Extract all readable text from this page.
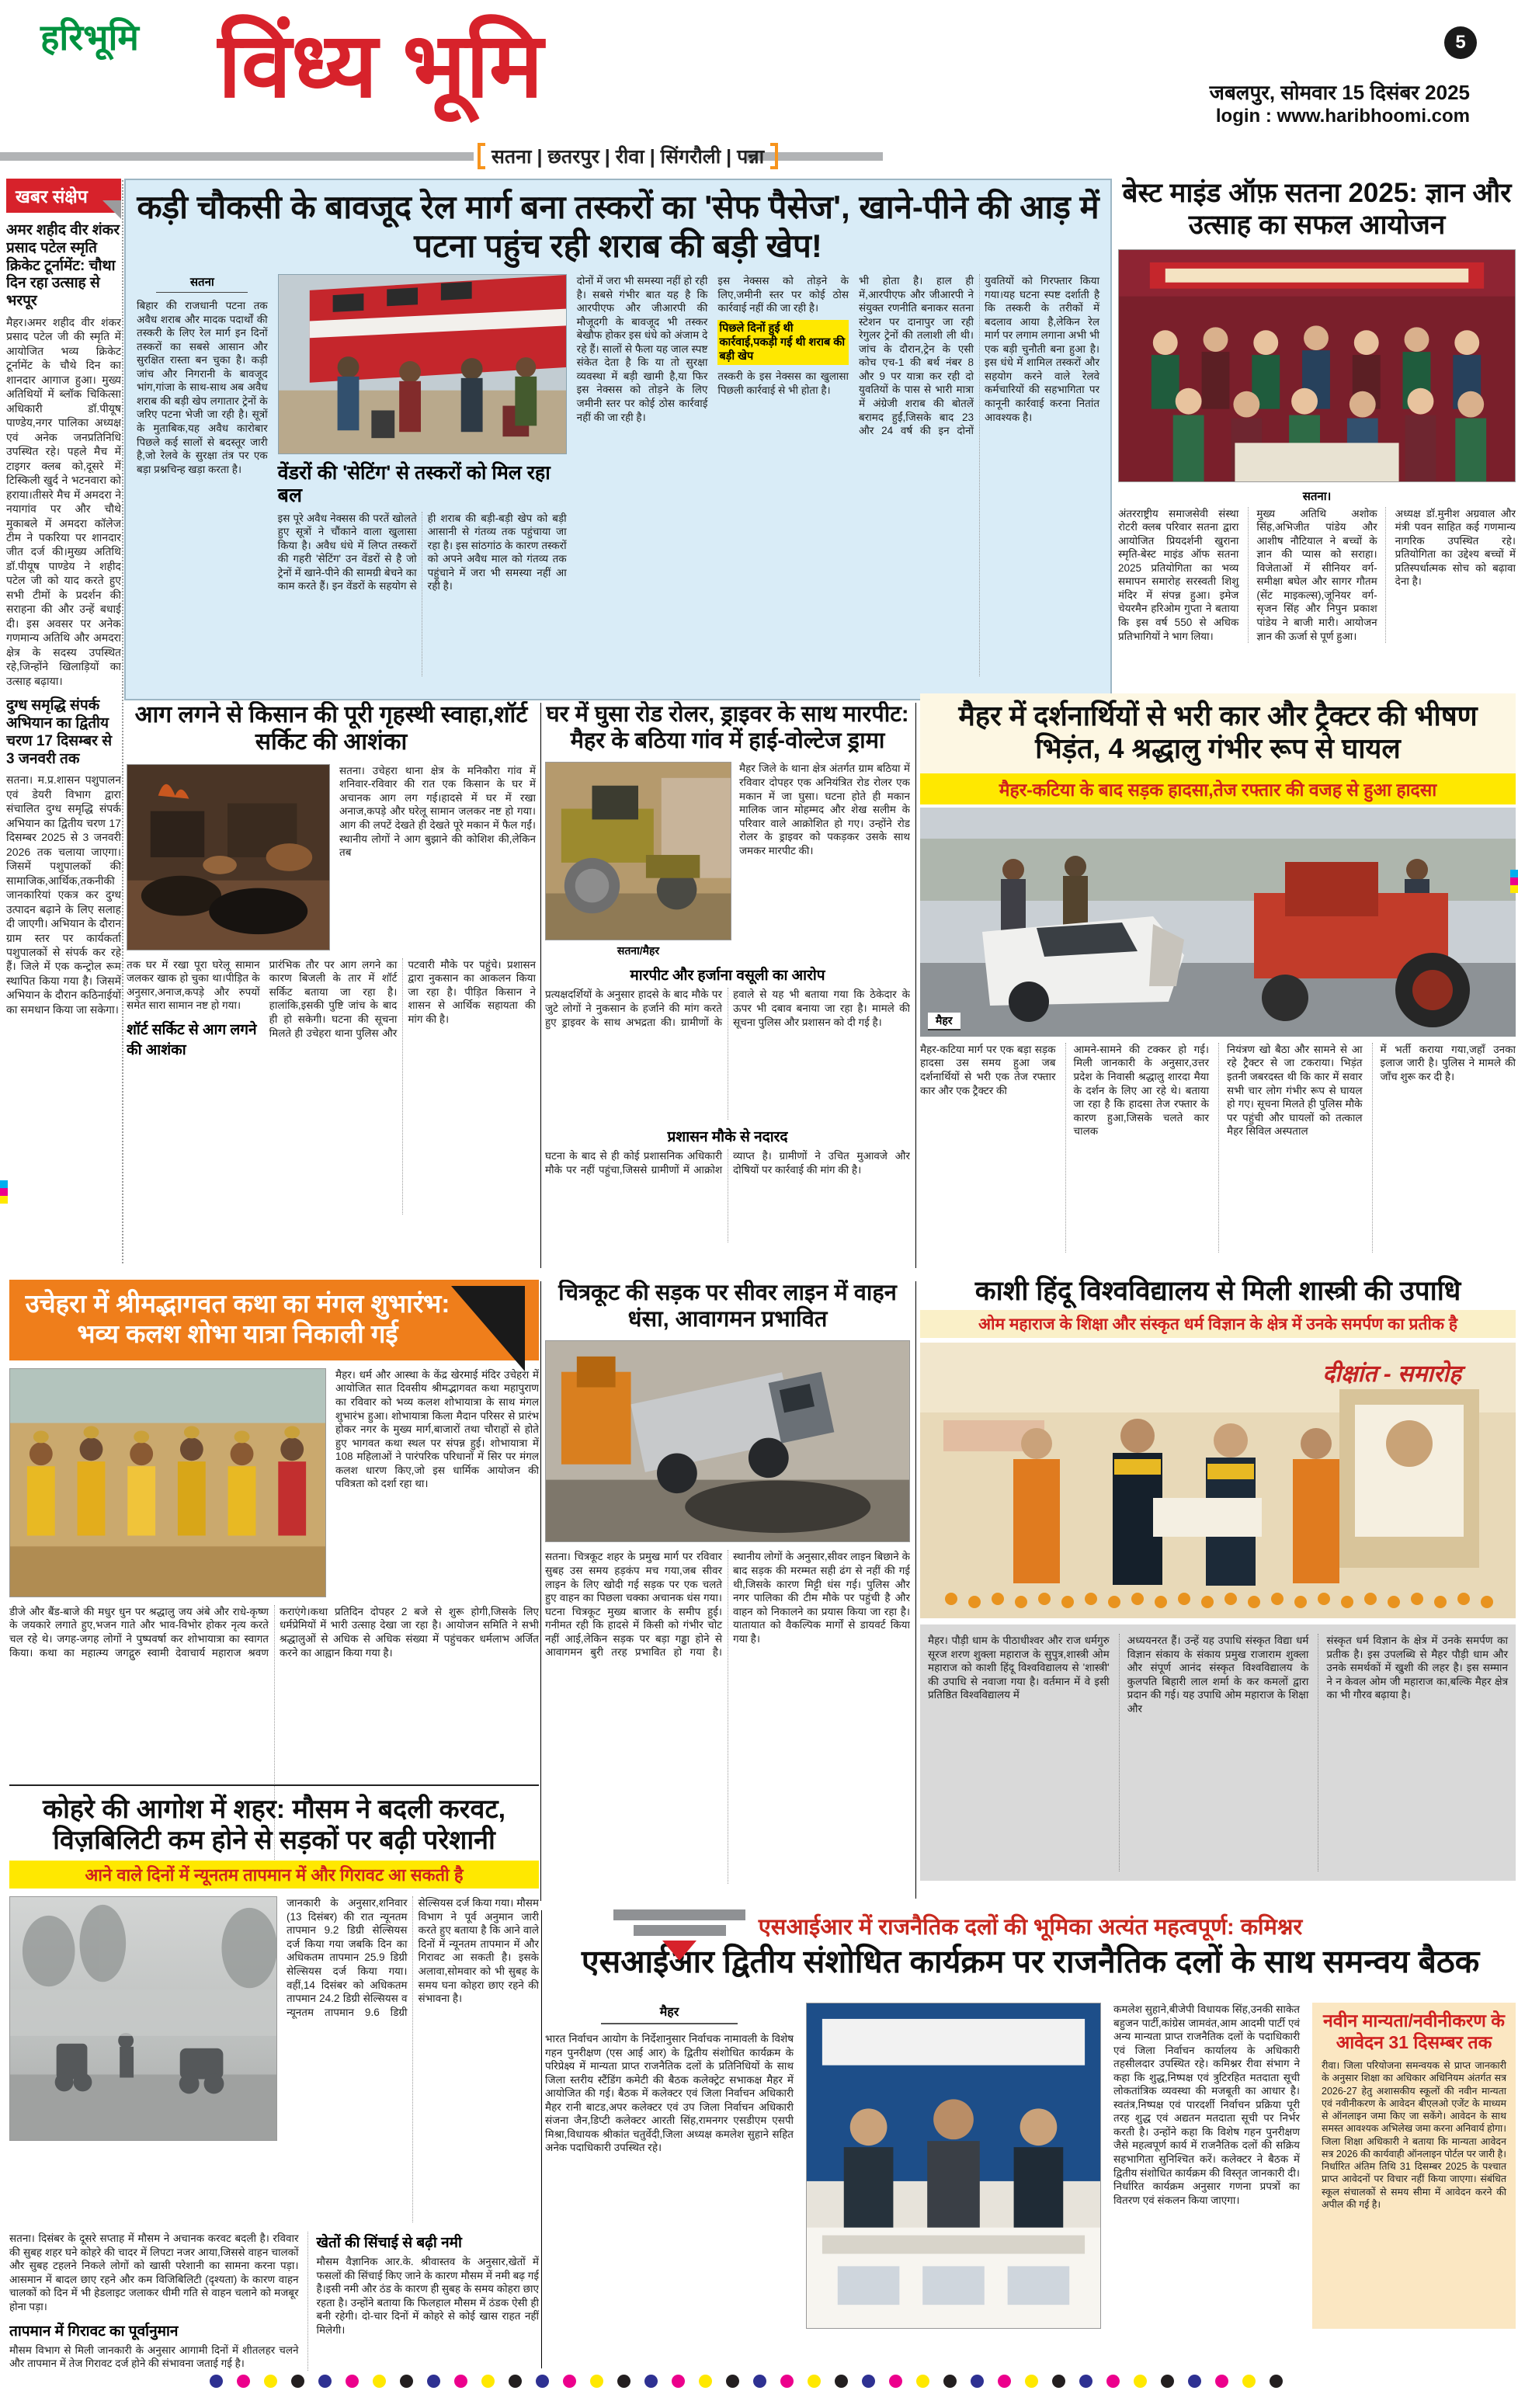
हरिभूमि विंध्य भूमि	5
जबलपुर, सोमवार 15 दिसंबर 2025
login : www.haribhoomi.com
सतना | छतरपुर | रीवा | सिंगरौली | पन्ना
खबर संक्षेप
अमर शहीद वीर शंकर प्रसाद पटेल स्मृति क्रिकेट टूर्नामेंट: चौथा दिन रहा उत्साह से भरपूर
मैहर।अमर शहीद वीर शंकर प्रसाद पटेल जी की स्मृति में आयोजित भव्य क्रिकेट टूर्नामेंट के चौथे दिन का शानदार आगाज हुआ। मुख्य अतिथियों में ब्लॉक चिकित्सा अधिकारी डॉ.पीयूष पाण्डेय,नगर पालिका अध्यक्ष एवं अनेक जनप्रतिनिधि उपस्थित रहे। पहले मैच में टाइगर क्लब को,दूसरे में टिस्किली खुर्द ने भटनवारा को हराया।तीसरे मैच में अमदरा ने नयागांव पर और चौथे मुकाबले में अमदरा कॉलेज टीम ने पकरिया पर शानदार जीत दर्ज की।मुख्य अतिथि डॉ.पीयूष पाण्डेय ने शहीद पटेल जी को याद करते हुए सभी टीमों के प्रदर्शन की सराहना की और उन्हें बधाई दी। इस अवसर पर अनेक गणमान्य अतिथि और अमदरा क्षेत्र के सदस्य उपस्थित रहे,जिन्होंने खिलाड़ियों का उत्साह बढ़ाया।
दुग्ध समृद्धि संपर्क अभियान का द्वितीय चरण 17 दिसम्बर से 3 जनवरी तक
सतना। म.प्र.शासन पशुपालन एवं डेयरी विभाग द्वारा संचालित दुग्ध समृद्धि संपर्क अभियान का द्वितीय चरण 17 दिसम्बर 2025 से 3 जनवरी 2026 तक चलाया जाएगा। जिसमें पशुपालकों की सामाजिक,आर्थिक,तकनीकी जानकारियां एकत्र कर दुग्ध उत्पादन बढ़ाने के लिए सलाह दी जाएगी। अभियान के दौरान ग्राम स्तर पर कार्यकर्ता पशुपालकों से संपर्क कर रहे हैं। जिले में एक कन्ट्रोल रूम स्थापित किया गया है। जिसमें अभियान के दौरान कठिनाईयों का समधान किया जा सकेगा।
कड़ी चौकसी के बावजूद रेल मार्ग बना तस्करों का 'सेफ पैसेज', खाने-पीने की आड़ में पटना पहुंच रही शराब की बड़ी खेप!
सतना
बिहार की राजधानी पटना तक अवैध शराब और मादक पदार्थों की तस्करी के लिए रेल मार्ग इन दिनों तस्करों का सबसे आसान और सुरक्षित रास्ता बन चुका है। कड़ी जांच और निगरानी के बावजूद भांग,गांजा के साथ-साथ अब अवैध शराब की बड़ी खेप लगातार ट्रेनों के जरिए पटना भेजी जा रही है। सूत्रों के मुताबिक,यह अवैध कारोबार पिछले कई सालों से बदस्तूर जारी है,जो रेलवे के सुरक्षा तंत्र पर एक बड़ा प्रश्नचिन्ह खड़ा करता है।	वेंडरों की 'सेटिंग' से तस्करों को मिल रहा बल
इस पूरे अवैध नेक्सस की परतें खोलते हुए सूत्रों ने चौंकाने वाला खुलासा किया है। अवैध धंधे में लिप्त तस्करों की गहरी 'सेटिंग' उन वेंडरों से है जो ट्रेनों में खाने-पीने की सामग्री बेचने का काम करते हैं। इन वेंडरों के सहयोग से ही शराब की बड़ी-बड़ी खेप को बड़ी आसानी से गंतव्य तक पहुंचाया जा रहा है। इस सांठगांठ के कारण तस्करों को अपने अवैध माल को गंतव्य तक पहुंचाने में जरा भी समस्या नहीं आ रही है।
दोनों में जरा भी समस्या नहीं हो रही है। सबसे गंभीर बात यह है कि आरपीएफ और जीआरपी की मौजूदगी के बावजूद भी तस्कर बेखौफ होकर इस धंधे को अंजाम दे रहे हैं। सालों से फैला यह जाल स्पष्ट संकेत देता है कि या तो सुरक्षा व्यवस्था में बड़ी खामी है,या फिर इस नेक्सस को तोड़ने के लिए जमीनी स्तर पर कोई ठोस कार्रवाई नहीं की जा रही है।
इस नेक्सस को तोड़ने के लिए,जमीनी स्तर पर कोई ठोस कार्रवाई नहीं की जा रही है।
पिछले दिनों हुई थी कार्रवाई,पकड़ी गई थी शराब की बड़ी खेप
तस्करी के इस नेक्सस का खुलासा पिछली कार्रवाई से भी होता है।
भी होता है। हाल ही में,आरपीएफ और जीआरपी ने संयुक्त रणनीति बनाकर सतना स्टेशन पर दानापुर जा रही रेगुलर ट्रेनों की तलाशी ली थी। जांच के दौरान,ट्रेन के एसी कोच एच-1 की बर्थ नंबर 8 और 9 पर यात्रा कर रही दो युवतियों के पास से भारी मात्रा में अंग्रेजी शराब की बोतलें बरामद हुईं,जिसके बाद 23 और 24 वर्ष की इन दोनों युवतियों को गिरफ्तार किया गया।यह घटना स्पष्ट दर्शाती है कि तस्करी के तरीकों में बदलाव आया है,लेकिन रेल मार्ग पर लगाम लगाना अभी भी एक बड़ी चुनौती बना हुआ है। इस धंधे में शामिल तस्करों और सहयोग करने वाले रेलवे कर्मचारियों की सहभागिता पर कानूनी कार्रवाई करना नितांत आवश्यक है।
बेस्ट माइंड ऑफ़ सतना 2025: ज्ञान और उत्साह का सफल आयोजन
सतना।
अंतरराष्ट्रीय समाजसेवी संस्था रोटरी क्लब परिवार सतना द्वारा आयोजित प्रियदर्शनी खुराना स्मृति-बेस्ट माइंड ऑफ सतना 2025 प्रतियोगिता का भव्य समापन समारोह सरस्वती शिशु मंदिर में संपन्न हुआ। इमेज चेयरमैन हरिओम गुप्ता ने बताया कि इस वर्ष 550 से अधिक प्रतिभागियों ने भाग लिया।
मुख्य अतिथि अशोक सिंह,अभिजीत पांडेय और आशीष नौटियाल ने बच्चों के ज्ञान की प्यास को सराहा। विजेताओं में सीनियर वर्ग-समीक्षा बघेल और सागर गौतम (सेंट माइकल्स),जूनियर वर्ग-सृजन सिंह और निपुन प्रकाश पांडेय ने बाजी मारी। आयोजन ज्ञान की ऊर्जा से पूर्ण हुआ।
अध्यक्ष डॉ.मुनीश अग्रवाल और मंत्री पवन साहित कई गणमान्य नागरिक उपस्थित रहे। प्रतियोगिता का उद्देश्य बच्चों में प्रतिस्पर्धात्मक सोच को बढ़ावा देना है।
आग लगने से किसान की पूरी गृहस्थी स्वाहा,शॉर्ट सर्किट की आशंका
सतना। उचेहरा थाना क्षेत्र के मनिकौरा गांव में शनिवार-रविवार की रात एक किसान के घर में अचानक आग लग गई।हादसे में घर में रखा अनाज,कपड़े और घरेलू सामान जलकर नष्ट हो गया।आग की लपटें देखते ही देखते पूरे मकान में फैल गईं। स्थानीय लोगों ने आग बुझाने की कोशिश की,लेकिन तब
तक घर में रखा पूरा घरेलू सामान जलकर खाक हो चुका था।पीड़ित के अनुसार,अनाज,कपड़े और रुपयों समेत सारा सामान नष्ट हो गया।
शॉर्ट सर्किट से आग लगने की आशंका
प्रारंभिक तौर पर आग लगने का कारण बिजली के तार में शॉर्ट सर्किट बताया जा रहा है। हालांकि,इसकी पुष्टि जांच के बाद ही हो सकेगी। घटना की सूचना मिलते ही उचेहरा थाना पुलिस और पटवारी मौके पर पहुंचे। प्रशासन द्वारा नुकसान का आकलन किया जा रहा है। पीड़ित किसान ने शासन से आर्थिक सहायता की मांग की है।
घर में घुसा रोड रोलर, ड्राइवर के साथ मारपीट: मैहर के बठिया गांव में हाई-वोल्टेज ड्रामा
सतना/मैहर
मैहर जिले के थाना क्षेत्र अंतर्गत ग्राम बठिया में रविवार दोपहर एक अनियंत्रित रोड रोलर एक मकान में जा घुसा। घटना होते ही मकान मालिक जान मोहम्मद और शेख सलीम के परिवार वाले आक्रोशित हो गए। उन्होंने रोड रोलर के ड्राइवर को पकड़कर उसके साथ जमकर मारपीट की।
मारपीट और हर्जाना वसूली का आरोप
प्रत्यक्षदर्शियों के अनुसार हादसे के बाद मौके पर जुटे लोगों ने नुकसान के हर्जाने की मांग करते हुए ड्राइवर के साथ अभद्रता की। ग्रामीणों के हवाले से यह भी बताया गया कि ठेकेदार के ऊपर भी दबाव बनाया जा रहा है। मामले की सूचना पुलिस और प्रशासन को दी गई है।
प्रशासन मौके से नदारद
घटना के बाद से ही कोई प्रशासनिक अधिकारी मौके पर नहीं पहुंचा,जिससे ग्रामीणों में आक्रोश व्याप्त है। ग्रामीणों ने उचित मुआवजे और दोषियों पर कार्रवाई की मांग की है।
मैहर में दर्शनार्थियों से भरी कार और ट्रैक्टर की भीषण भिड़ंत, 4 श्रद्धालु गंभीर रूप से घायल
मैहर-कटिया के बाद सड़क हादसा,तेज रफ्तार की वजह से हुआ हादसा
मैहर
मैहर-कटिया मार्ग पर एक बड़ा सड़क हादसा उस समय हुआ जब दर्शनार्थियों से भरी एक तेज रफ्तार कार और एक ट्रैक्टर की
आमने-सामने की टक्कर हो गई। मिली जानकारी के अनुसार,उत्तर प्रदेश के निवासी श्रद्धालु शारदा मैया के दर्शन के लिए आ रहे थे। बताया जा रहा है कि हादसा तेज रफ्तार के कारण हुआ,जिसके चलते कार चालक
नियंत्रण खो बैठा और सामने से आ रहे ट्रैक्टर से जा टकराया। भिड़ंत इतनी जबरदस्त थी कि कार में सवार सभी चार लोग गंभीर रूप से घायल हो गए। सूचना मिलते ही पुलिस मौके पर पहुंची और घायलों को तत्काल मैहर सिविल अस्पताल
में भर्ती कराया गया,जहाँ उनका इलाज जारी है। पुलिस ने मामले की जाँच शुरू कर दी है।
उचेहरा में श्रीमद्भागवत कथा का मंगल शुभारंभ: भव्य कलश शोभा यात्रा निकाली गई
मैहर। धर्म और आस्था के केंद्र खेरमाई मंदिर उचेहरा में आयोजित सात दिवसीय श्रीमद्भागवत कथा महापुराण का रविवार को भव्य कलश शोभायात्रा के साथ मंगल शुभारंभ हुआ। शोभायात्रा किला मैदान परिसर से प्रारंभ होकर नगर के मुख्य मार्ग,बाजारों तथा चौराहों से होते हुए भागवत कथा स्थल पर संपन्न हुई। शोभायात्रा में 108 महिलाओं ने पारंपरिक परिधानों में सिर पर मंगल कलश धारण किए,जो इस धार्मिक आयोजन की पवित्रता को दर्शा रहा था।
डीजे और बैंड-बाजे की मधुर धुन पर श्रद्धालु जय अंबे और राधे-कृष्ण के जयकारे लगाते हुए,भजन गाते और भाव-विभोर होकर नृत्य करते चल रहे थे। जगह-जगह लोगों ने पुष्पवर्षा कर शोभायात्रा का स्वागत किया। कथा का महात्म्य जगद्गुरु स्वामी देवाचार्य महाराज श्रवण कराएंगे।कथा प्रतिदिन दोपहर 2 बजे से शुरू होगी,जिसके लिए धर्मप्रेमियों में भारी उत्साह देखा जा रहा है। आयोजन समिति ने सभी श्रद्धालुओं से अधिक से अधिक संख्या में पहुंचकर धर्मलाभ अर्जित करने का आह्वान किया गया है।
चित्रकूट की सड़क पर सीवर लाइन में वाहन धंसा, आवागमन प्रभावित
सतना। चित्रकूट शहर के प्रमुख मार्ग पर रविवार सुबह उस समय हड़कंप मच गया,जब सीवर लाइन के लिए खोदी गई सड़क पर एक चलते हुए वाहन का पिछला चक्का अचानक धंस गया। घटना चित्रकूट मुख्य बाजार के समीप हुई। गनीमत रही कि हादसे में किसी को गंभीर चोट नहीं आई,लेकिन सड़क पर बड़ा गड्ढा होने से आवागमन बुरी तरह प्रभावित हो गया है। स्थानीय लोगों के अनुसार,सीवर लाइन बिछाने के बाद सड़क की मरम्मत सही ढंग से नहीं की गई थी,जिसके कारण मिट्टी धंस गई। पुलिस और नगर पालिका की टीम मौके पर पहुंची है और वाहन को निकालने का प्रयास किया जा रहा है। यातायात को वैकल्पिक मार्गों से डायवर्ट किया गया है।
काशी हिंदू विश्वविद्यालय से मिली शास्त्री की उपाधि
ओम महाराज के शिक्षा और संस्कृत धर्म विज्ञान के क्षेत्र में उनके समर्पण का प्रतीक है
दीक्षांत - समारोह
मैहर। पौड़ी धाम के पीठाधीश्वर और राज धर्मगुरु सूरज शरण शुक्ला महाराज के सुपुत्र,शास्त्री ओम महाराज को काशी हिंदू विश्वविद्यालय से 'शास्त्री' की उपाधि से नवाजा गया है। वर्तमान में वे इसी प्रतिष्ठित विश्वविद्यालय में
अध्ययनरत हैं। उन्हें यह उपाधि संस्कृत विद्या धर्म विज्ञान संकाय के संकाय प्रमुख राजाराम शुक्ला और संपूर्ण आनंद संस्कृत विश्वविद्यालय के कुलपति बिहारी लाल शर्मा के कर कमलों द्वारा प्रदान की गई। यह उपाधि ओम महाराज के शिक्षा और
संस्कृत धर्म विज्ञान के क्षेत्र में उनके समर्पण का प्रतीक है। इस उपलब्धि से मैहर पौड़ी धाम और उनके समर्थकों में खुशी की लहर है। इस सम्मान ने न केवल ओम जी महाराज का,बल्कि मैहर क्षेत्र का भी गौरव बढ़ाया है।
कोहरे की आगोश में शहर: मौसम ने बदली करवट, विज़बिलिटी कम होने से सड़कों पर बढ़ी परेशानी
आने वाले दिनों में न्यूनतम तापमान में और गिरावट आ सकती है
जानकारी के अनुसार,शनिवार (13 दिसंबर) की रात न्यूनतम तापमान 9.2 डिग्री सेल्सियस दर्ज किया गया जबकि दिन का अधिकतम तापमान 25.9 डिग्री सेल्सियस दर्ज किया गया। वहीं,14 दिसंबर को अधिकतम तापमान 24.2 डिग्री सेल्सियस व न्यूनतम तापमान 9.6 डिग्री सेल्सियस दर्ज किया गया। मौसम विभाग ने पूर्व अनुमान जारी करते हुए बताया है कि आने वाले दिनों में न्यूनतम तापमान में और गिरावट आ सकती है। इसके अलावा,सोमवार को भी सुबह के समय घना कोहरा छाए रहने की संभावना है।
सतना। दिसंबर के दूसरे सप्ताह में मौसम ने अचानक करवट बदली है। रविवार की सुबह शहर घने कोहरे की चादर में लिपटा नजर आया,जिससे वाहन चालकों और सुबह टहलने निकले लोगों को खासी परेशानी का सामना करना पड़ा। आसमान में बादल छाए रहने और कम विजिबिलिटी (दृश्यता) के कारण वाहन चालकों को दिन में भी हेडलाइट जलाकर धीमी गति से वाहन चलाने को मजबूर होना पड़ा।
तापमान में गिरावट का पूर्वानुमान
मौसम विभाग से मिली जानकारी के अनुसार आगामी दिनों में शीतलहर चलने और तापमान में तेज गिरावट दर्ज होने की संभावना जताई गई है।
खेतों की सिंचाई से बढ़ी नमी
मौसम वैज्ञानिक आर.के. श्रीवास्तव के अनुसार,खेतों में फसलों की सिंचाई किए जाने के कारण मौसम में नमी बढ़ गई है।इसी नमी और ठंड के कारण ही सुबह के समय कोहरा छाए रहता है। उन्होंने बताया कि फिलहाल मौसम में ठंडक ऐसी ही बनी रहेगी। दो-चार दिनों में कोहरे से कोई खास राहत नहीं मिलेगी।
एसआईआर में राजनैतिक दलों की भूमिका अत्यंत महत्वपूर्ण: कमिश्नर
एसआईआर द्वितीय संशोधित कार्यक्रम पर राजनैतिक दलों के साथ समन्वय बैठक
मैहर
भारत निर्वाचन आयोग के निर्देशानुसार निर्वाचक नामावली के विशेष गहन पुनरीक्षण (एस आई आर) के द्वितीय संशोधित कार्यक्रम के परिप्रेक्ष्य में मान्यता प्राप्त राजनैतिक दलों के प्रतिनिधियों के साथ जिला स्तरीय स्टैंडिंग कमेटी की बैठक कलेक्ट्रेट सभाकक्ष मैहर में आयोजित की गई। बैठक में कलेक्टर एवं जिला निर्वाचन अधिकारी मैहर रानी बाटड,अपर कलेक्टर एवं उप जिला निर्वाचन अधिकारी संजना जैन,डिप्टी कलेक्टर आरती सिंह,रामनगर एसडीएम एसपी मिश्रा,विधायक श्रीकांत चतुर्वेदी,जिला अध्यक्ष कमलेश सुहाने सहित अनेक पदाधिकारी उपस्थित रहे।
कमलेश सुहाने,बीजेपी विधायक सिंह,उनकी साकेत बहुजन पार्टी,कांग्रेस जामवंत,आम आदमी पार्टी एवं अन्य मान्यता प्राप्त राजनैतिक दलों के पदाधिकारी एवं जिला निर्वाचन कार्यालय के अधिकारी तहसीलदार उपस्थित रहे। कमिश्नर रीवा संभाग ने कहा कि शुद्ध,निष्पक्ष एवं त्रुटिरहित मतदाता सूची लोकतांत्रिक व्यवस्था की मजबूती का आधार है। स्वतंत्र,निष्पक्ष एवं पारदर्शी निर्वाचन प्रक्रिया पूरी तरह शुद्ध एवं अद्यतन मतदाता सूची पर निर्भर करती है। उन्होंने कहा कि विशेष गहन पुनरीक्षण जैसे महत्वपूर्ण कार्य में राजनैतिक दलों की सक्रिय सहभागिता सुनिश्चित करें। कलेक्टर ने बैठक में द्वितीय संशोधित कार्यक्रम की विस्तृत जानकारी दी। निर्धारित कार्यक्रम अनुसार गणना प्रपत्रों का वितरण एवं संकलन किया जाएगा।
नवीन मान्यता/नवीनीकरण के आवेदन 31 दिसम्बर तक
रीवा। जिला परियोजना समन्वयक से प्राप्त जानकारी के अनुसार शिक्षा का अधिकार अधिनियम अंतर्गत सत्र 2026-27 हेतु अशासकीय स्कूलों की नवीन मान्यता एवं नवीनीकरण के आवेदन बीएलओ एजेंट के माध्यम से ऑनलाइन जमा किए जा सकेंगे। आवेदन के साथ समस्त आवश्यक अभिलेख जमा करना अनिवार्य होगा। जिला शिक्षा अधिकारी ने बताया कि मान्यता आवेदन सत्र 2026 की कार्यवाही ऑनलाइन पोर्टल पर जारी है। निर्धारित अंतिम तिथि 31 दिसम्बर 2025 के पश्चात प्राप्त आवेदनों पर विचार नहीं किया जाएगा। संबंधित स्कूल संचालकों से समय सीमा में आवेदन करने की अपील की गई है।
